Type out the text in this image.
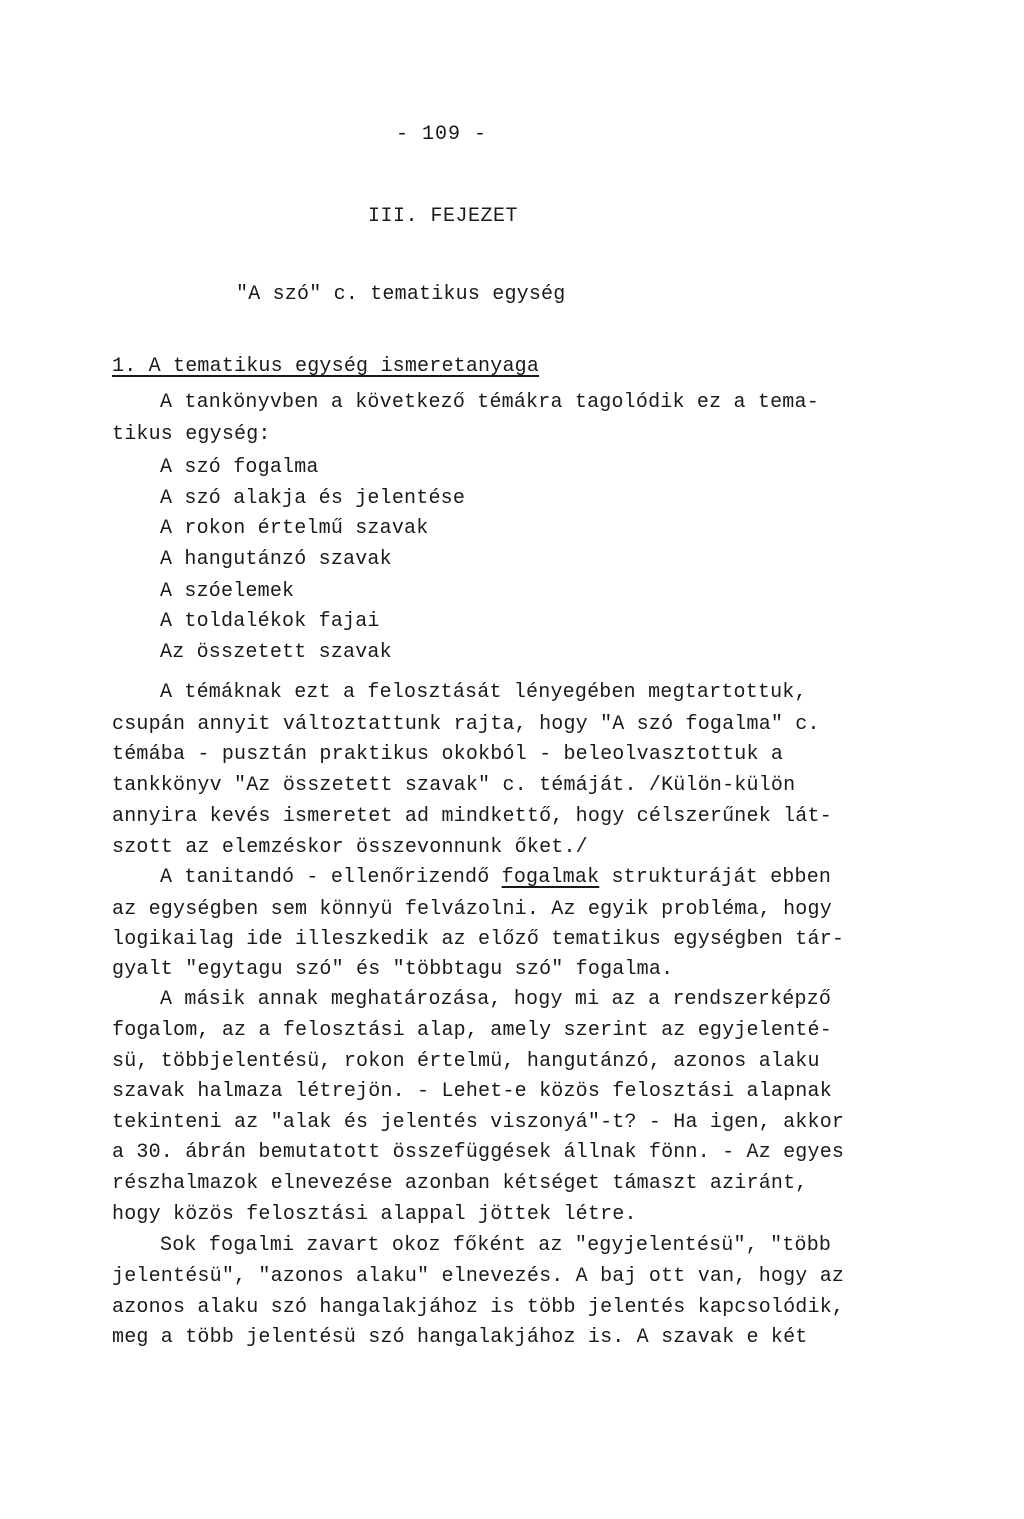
- 109 -
III. FEJEZET
"A szó" c. tematikus egység
1. A tematikus egység ismeretanyaga
A tankönyvben a következő témákra tagolódik ez a tema-
tikus egység:
A szó fogalma
A szó alakja és jelentése
A rokon értelmű szavak
A hangutánzó szavak
A szóelemek
A toldalékok fajai
Az összetett szavak
A témáknak ezt a felosztását lényegében megtartottuk,
csupán annyit változtattunk rajta, hogy "A szó fogalma" c.
témába - pusztán praktikus okokból - beleolvasztottuk a
tankkönyv "Az összetett szavak" c. témáját. /Külön-külön
annyira kevés ismeretet ad mindkettő, hogy célszerűnek lát-
szott az elemzéskor összevonnunk őket./
A tanitandó - ellenőrizendő fogalmak strukturáját ebben
az egységben sem könnyü felvázolni. Az egyik probléma, hogy
logikailag ide illeszkedik az előző tematikus egységben tár-
gyalt "egytagu szó" és "többtagu szó" fogalma.
A másik annak meghatározása, hogy mi az a rendszerképző
fogalom, az a felosztási alap, amely szerint az egyjelenté-
sü, többjelentésü, rokon értelmü, hangutánzó, azonos alaku
szavak halmaza létrejön. - Lehet-e közös felosztási alapnak
tekinteni az "alak és jelentés viszonyá"-t? - Ha igen, akkor
a 30. ábrán bemutatott összefüggések állnak fönn. - Az egyes
részhalmazok elnevezése azonban kétséget támaszt aziránt,
hogy közös felosztási alappal jöttek létre.
Sok fogalmi zavart okoz főként az "egyjelentésü", "több
jelentésü", "azonos alaku" elnevezés. A baj ott van, hogy az
azonos alaku szó hangalakjához is több jelentés kapcsolódik,
meg a több jelentésü szó hangalakjához is. A szavak e két
